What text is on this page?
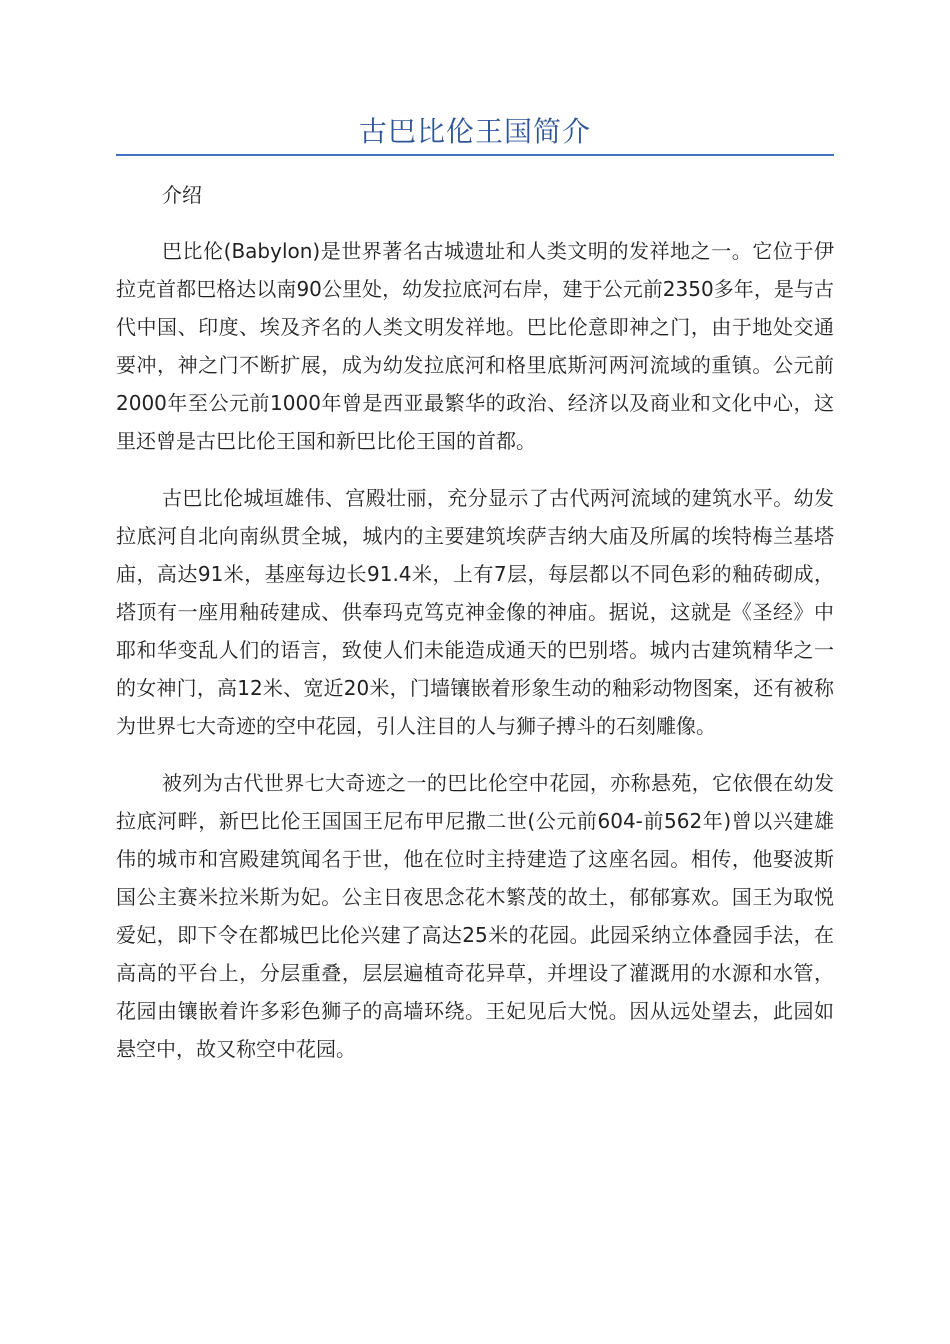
古巴比伦王国简介

介绍

巴比伦(Babylon)是世界著名古城遗址和人类文明的发祥地之一。它位于伊拉克首都巴格达以南90公里处，幼发拉底河右岸，建于公元前2350多年，是与古代中国、印度、埃及齐名的人类文明发祥地。巴比伦意即神之门，由于地处交通要冲，神之门不断扩展，成为幼发拉底河和格里底斯河两河流域的重镇。公元前2000年至公元前1000年曾是西亚最繁华的政治、经济以及商业和文化中心，这里还曾是古巴比伦王国和新巴比伦王国的首都。

古巴比伦城垣雄伟、宫殿壮丽，充分显示了古代两河流域的建筑水平。幼发拉底河自北向南纵贯全城，城内的主要建筑埃萨吉纳大庙及所属的埃特梅兰基塔庙，高达91米，基座每边长91.4米，上有7层，每层都以不同色彩的釉砖砌成，塔顶有一座用釉砖建成、供奉玛克笃克神金像的神庙。据说，这就是《圣经》中耶和华变乱人们的语言，致使人们未能造成通天的巴别塔。城内古建筑精华之一的女神门，高12米、宽近20米，门墙镶嵌着形象生动的釉彩动物图案，还有被称为世界七大奇迹的空中花园，引人注目的人与狮子搏斗的石刻雕像。

被列为古代世界七大奇迹之一的巴比伦空中花园，亦称悬苑，它依偎在幼发拉底河畔，新巴比伦王国国王尼布甲尼撒二世(公元前604-前562年)曾以兴建雄伟的城市和宫殿建筑闻名于世，他在位时主持建造了这座名园。相传，他娶波斯国公主赛米拉米斯为妃。公主日夜思念花木繁茂的故土，郁郁寡欢。国王为取悦爱妃，即下令在都城巴比伦兴建了高达25米的花园。此园采纳立体叠园手法，在高高的平台上，分层重叠，层层遍植奇花异草，并埋设了灌溉用的水源和水管，花园由镶嵌着许多彩色狮子的高墙环绕。王妃见后大悦。因从远处望去，此园如悬空中，故又称空中花园。
